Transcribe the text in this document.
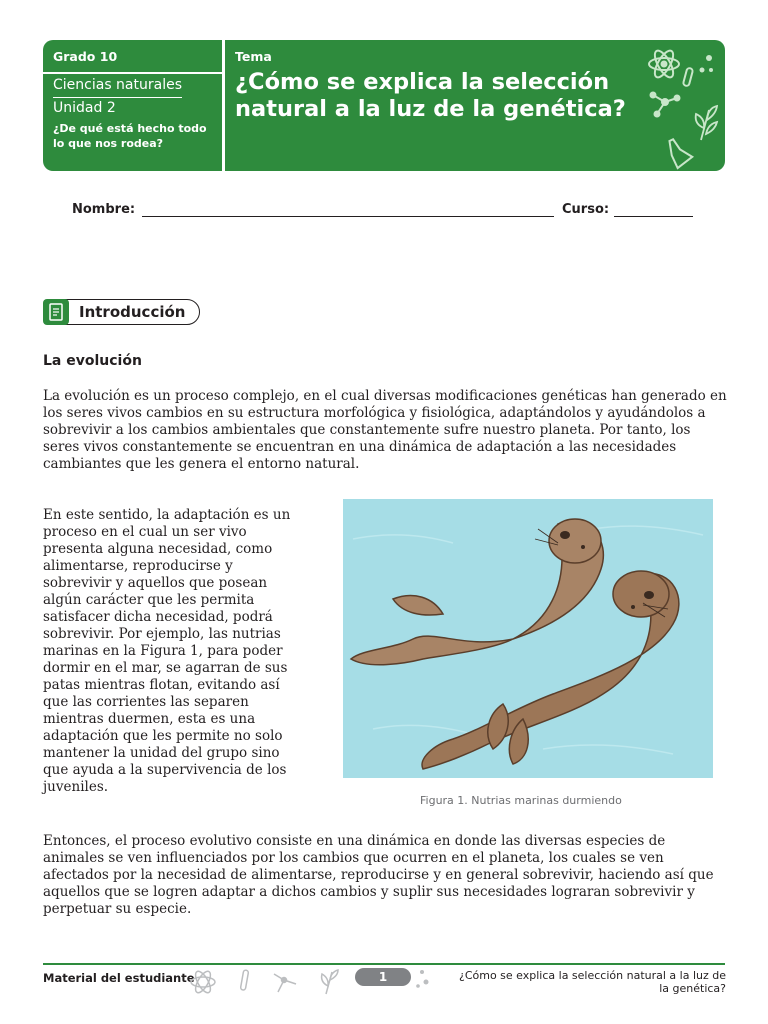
Grado 10
Ciencias naturales
Unidad 2
¿De qué está hecho todo lo que nos rodea?
Tema
¿Cómo se explica la selección natural a la luz de la genética?
Nombre:	Curso:
Introducción
La evolución

La evolución es un proceso complejo, en el cual diversas modificaciones genéticas han generado en los seres vivos cambios en su estructura morfológica y fisiológica, adaptándolos y ayudándolos a sobrevivir a los cambios ambientales que constantemente sufre nuestro planeta. Por tanto, los seres vivos constantemente se encuentran en una dinámica de adaptación a las necesidades cambiantes que les genera el entorno natural.

En este sentido, la adaptación es un proceso en el cual un ser vivo presenta alguna necesidad, como alimentarse, reproducirse y sobrevivir y aquellos que posean algún carácter que les permita satisfacer dicha necesidad, podrá sobrevivir. Por ejemplo, las nutrias marinas en la Figura 1, para poder dormir en el mar, se agarran de sus patas mientras flotan, evitando así que las corrientes las separen mientras duermen, esta es una adaptación que les permite no solo mantener la unidad del grupo sino que ayuda a la supervivencia de los juveniles.

Figura 1. Nutrias marinas durmiendo

Entonces, el proceso evolutivo consiste en una dinámica en donde las diversas especies de animales se ven influenciados por los cambios que ocurren en el planeta, los cuales se ven afectados por la necesidad de alimentarse, reproducirse y en general sobrevivir, haciendo así que aquellos que se logren adaptar a dichos cambios y suplir sus necesidades lograran sobrevivir y perpetuar su especie.

Material del estudiante	1	¿Cómo se explica la selección natural a la luz de la genética?
